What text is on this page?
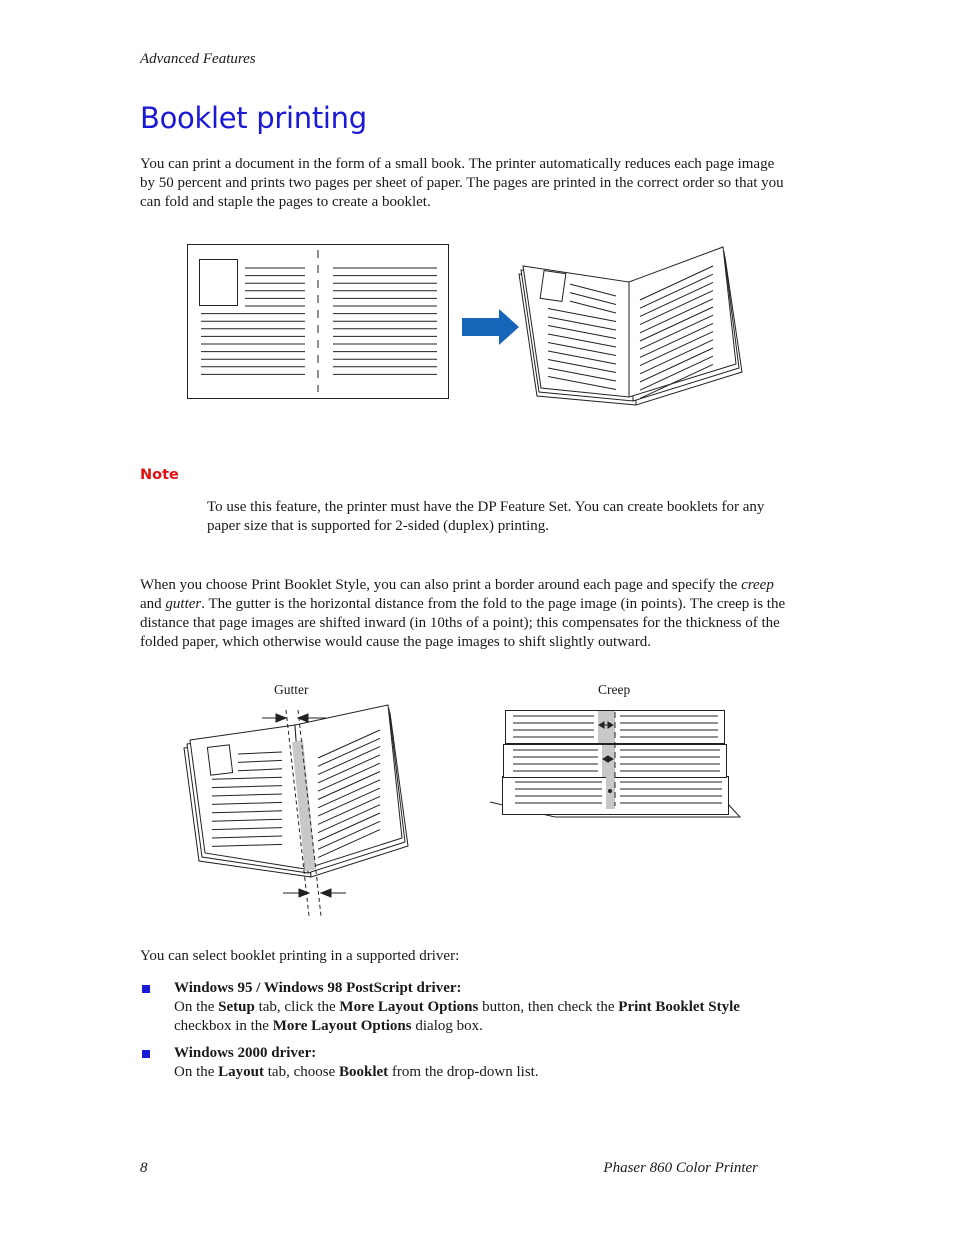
Advanced Features
Booklet printing
You can print a document in the form of a small book. The printer automatically reduces each page image by 50 percent and prints two pages per sheet of paper. The pages are printed in the correct order so that you can fold and staple the pages to create a booklet.
Note
To use this feature, the printer must have the DP Feature Set. You can create booklets for any paper size that is supported for 2-sided (duplex) printing.
When you choose Print Booklet Style, you can also print a border around each page and specify the creep and gutter. The gutter is the horizontal distance from the fold to the page image (in points). The creep is the distance that page images are shifted inward (in 10ths of a point); this compensates for the thickness of the folded paper, which otherwise would cause the page images to shift slightly outward.
Gutter	Creep
You can select booklet printing in a supported driver:
Windows 95 / Windows 98 PostScript driver:
On the Setup tab, click the More Layout Options button, then check the Print Booklet Style checkbox in the More Layout Options dialog box.
Windows 2000 driver:
On the Layout tab, choose Booklet from the drop-down list.
8	Phaser 860 Color Printer
